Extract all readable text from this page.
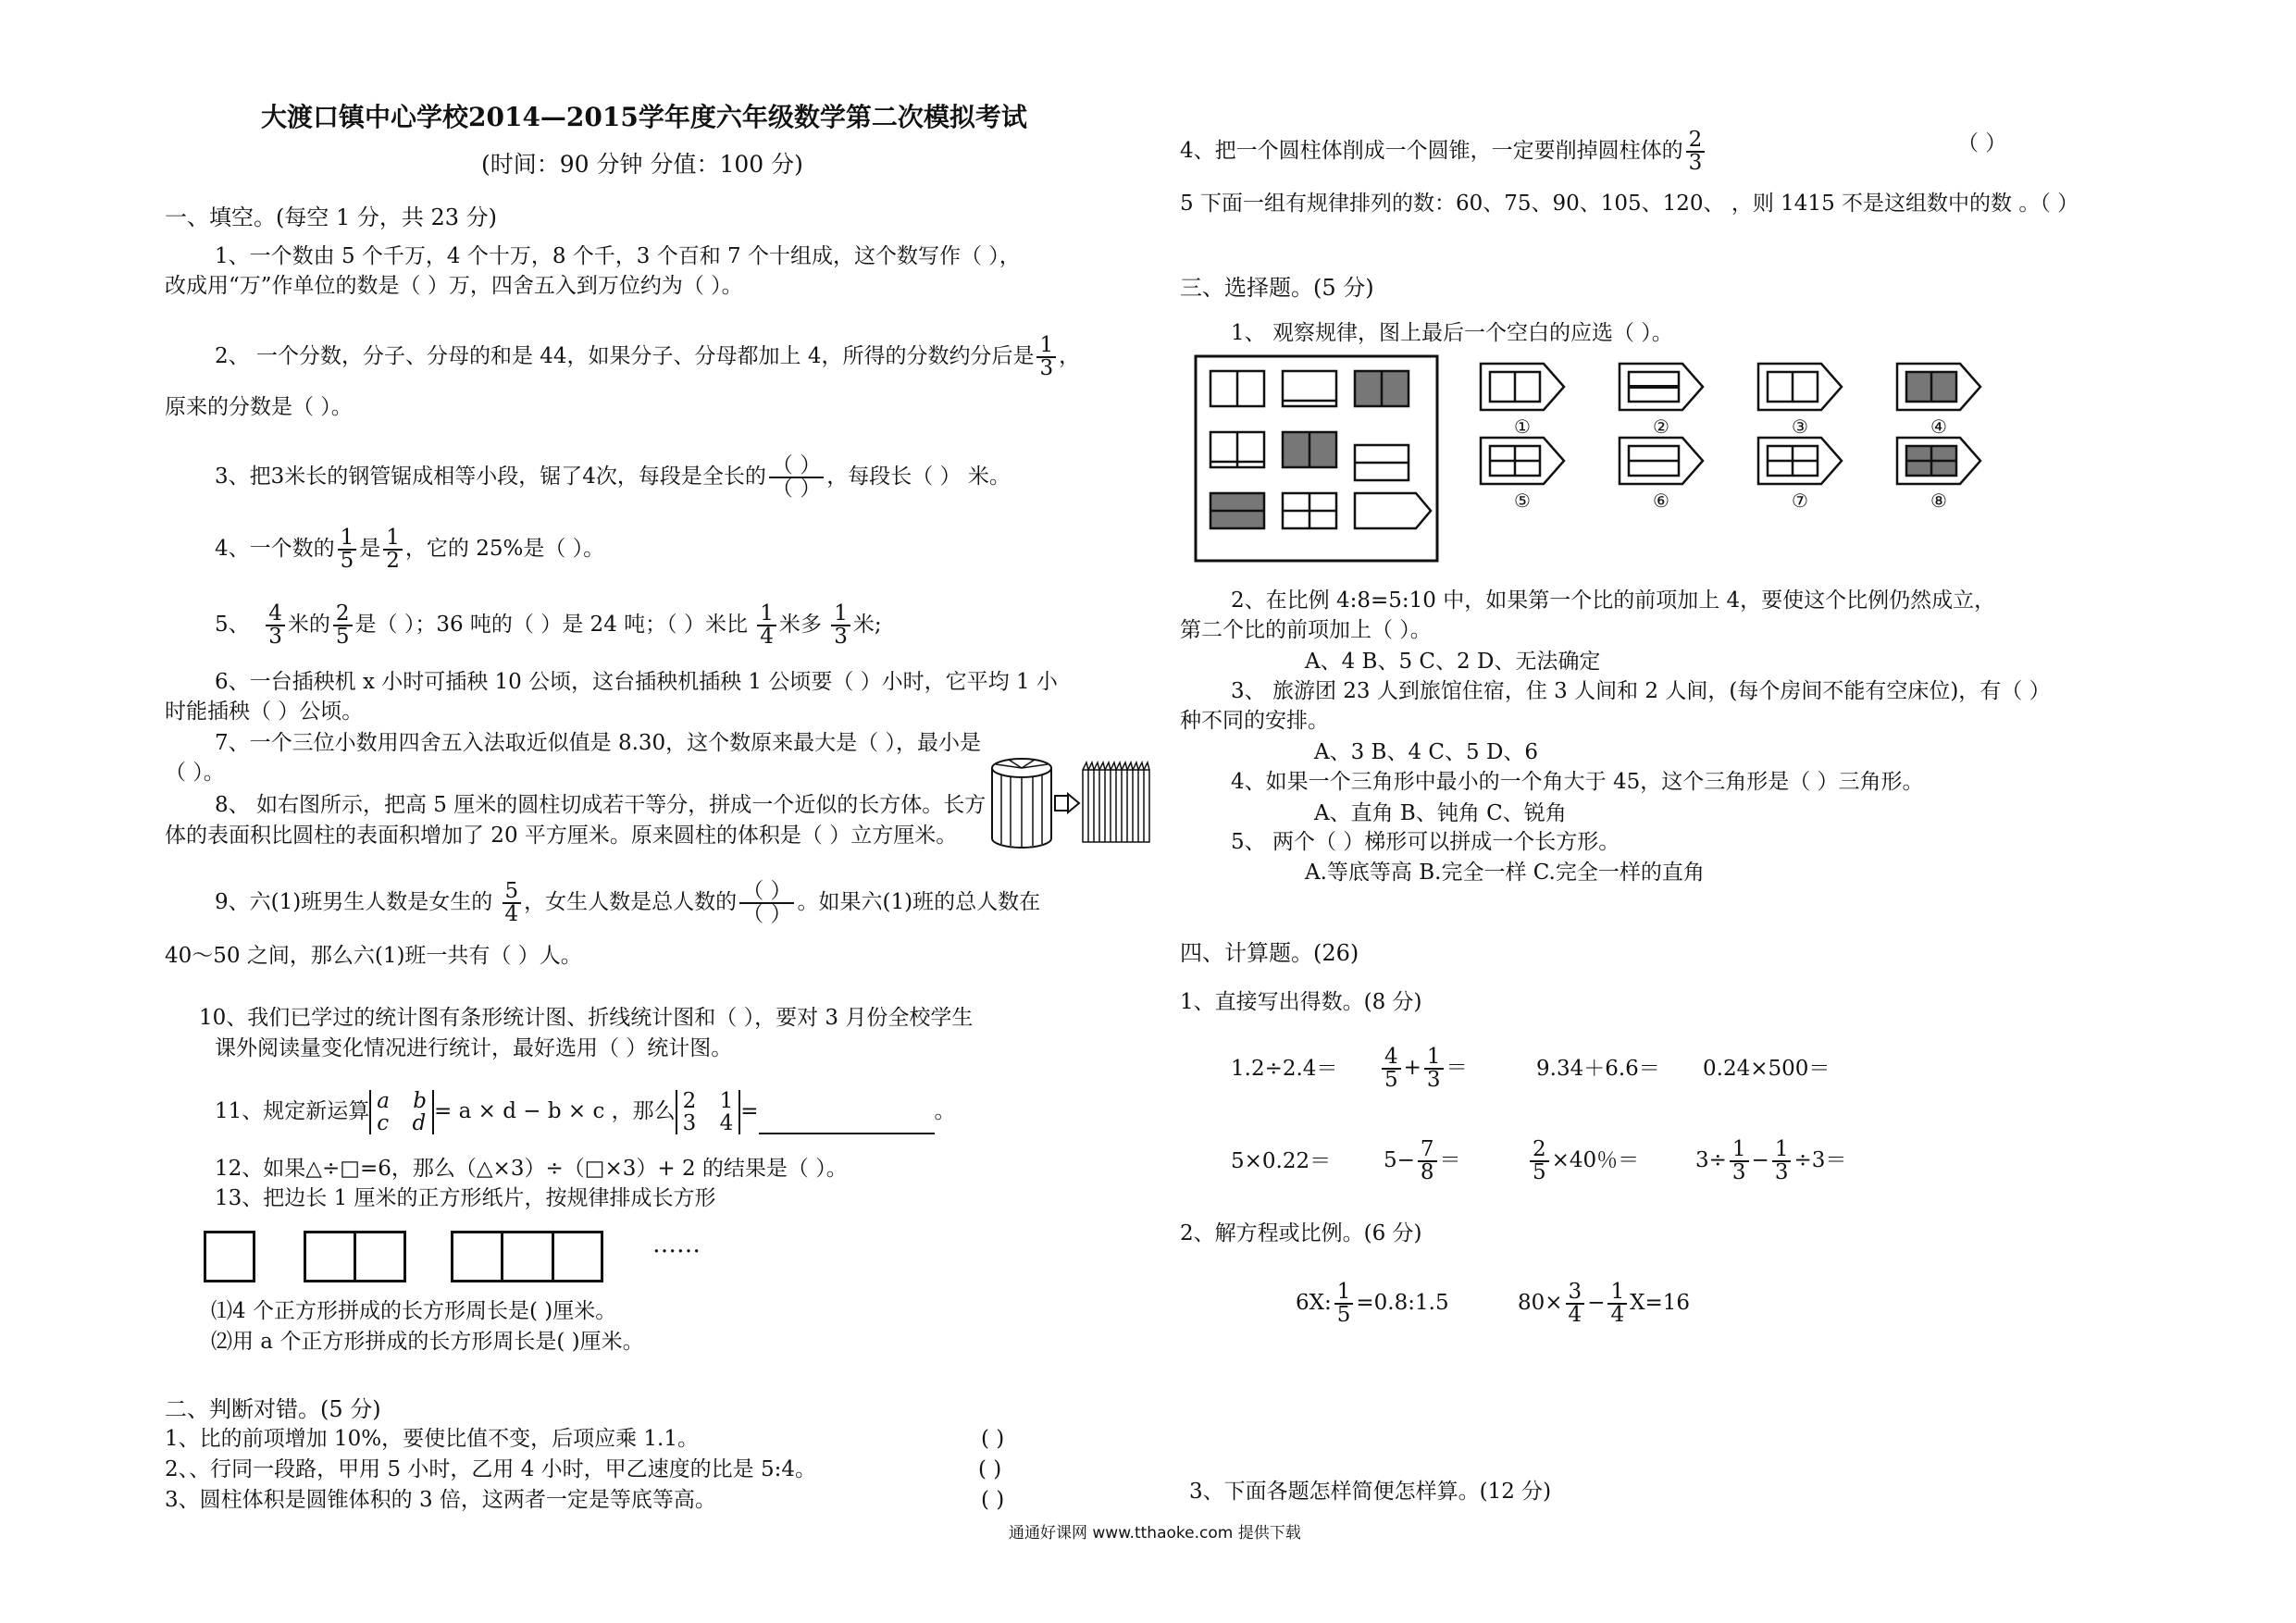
大渡口镇中心学校2014—2015学年度六年级数学第二次模拟考试
(时间：90 分钟 分值：100 分)
一、填空。(每空 1 分，共 23 分)
1、一个数由 5 个千万，4 个十万，8 个千，3 个百和 7 个十组成，这个数写作（ ），
改成用“万”作单位的数是（ ）万，四舍五入到万位约为（ ）。
2、 一个分数，分子、分母的和是 44，如果分子、分母都加上 4，所得的分数约分后是 $\frac{1}{3}$ ，
原来的分数是（ ）。
3、把3米长的钢管锯成相等小段，锯了4次，每段是全长的 $\frac{( )}{( )}$ ，每段长（ ） 米。
4、一个数的 $\frac{1}{5}$ 是 $\frac{1}{2}$ ，它的 25%是（ ）。
5、 $\frac{4}{3}$ 米的 $\frac{2}{5}$ 是（ ）；36 吨的（ ）是 24 吨；（ ）米比 $\frac{1}{4}$ 米多 $\frac{1}{3}$ 米;
6、一台插秧机 x 小时可插秧 10 公顷，这台插秧机插秧 1 公顷要（ ）小时，它平均 1 小
时能插秧（ ）公顷。
7、一个三位小数用四舍五入法取近似值是 8.30，这个数原来最大是（ ），最小是
（ ）。
8、 如右图所示，把高 5 厘米的圆柱切成若干等分，拼成一个近似的长方体。长方
体的表面积比圆柱的表面积增加了 20 平方厘米。原来圆柱的体积是（ ）立方厘米。
9、六(1)班男生人数是女生的 $\frac{5}{4}$ ，女生人数是总人数的 $\frac{( )}{( )}$ 。如果六(1)班的总人数在
40～50 之间，那么六(1)班一共有（ ）人。
10、我们已学过的统计图有条形统计图、折线统计图和（ ），要对 3 月份全校学生
课外阅读量变化情况进行统计，最好选用（ ）统计图。
11、规定新运算 a b
c d = a × d − b × c ，那么 2 1
3 4 =	。
12、如果△÷□=6，那么（△×3）÷（□×3）+ 2 的结果是（ ）。
13、把边长 1 厘米的正方形纸片，按规律排成长方形
……
⑴4 个正方形拼成的长方形周长是( )厘米。
⑵用 a 个正方形拼成的长方形周长是( )厘米。
二、判断对错。(5 分)
1、比的前项增加 10%，要使比值不变，后项应乘 1.1。	( )
2、、行同一段路，甲用 5 小时，乙用 4 小时，甲乙速度的比是 5:4。	( )
3、圆柱体积是圆锥体积的 3 倍，这两者一定是等底等高。	( )
4、把一个圆柱体削成一个圆锥，一定要削掉圆柱体的 $\frac{2}{3}$	（ ）
5 下面一组有规律排列的数：60、75、90、105、120、 ，则 1415 不是这组数中的数 。（ ）
三、选择题。(5 分)
1、 观察规律，图上最后一个空白的应选（ ）。
①	②	③	④
⑤	⑥	⑦	⑧
2、在比例 4:8=5:10 中，如果第一个比的前项加上 4，要使这个比例仍然成立，
第二个比的前项加上（ ）。
A、4 B、5 C、2 D、无法确定
3、 旅游团 23 人到旅馆住宿，住 3 人间和 2 人间，(每个房间不能有空床位)，有（ ）
种不同的安排。
A、3 B、4 C、5 D、6
4、如果一个三角形中最小的一个角大于 45，这个三角形是（ ）三角形。
A、直角 B、钝角 C、锐角
5、 两个（ ）梯形可以拼成一个长方形。
A.等底等高 B.完全一样 C.完全一样的直角
四、计算题。(26)
1、直接写出得数。(8 分)
$1.2\div 2.4= \frac{4}{5} + \frac{1}{3}$ ＝	9.34＋6.6＝ 0.24×500＝
$5\times 0.22= 5- \frac{7}{8}$ ＝	$\frac{2}{5} \times 40$％＝	$3\div \frac{1}{3} - \frac{1}{3} \div 3=$
2、解方程或比例。(6 分)
6X: $\frac{1}{5}$ =0.8:1.5	$80\times \frac{3}{4} - \frac{1}{4} X=16$
3、下面各题怎样简便怎样算。(12 分)
通通好课网 www.tthaoke.com 提供下载
